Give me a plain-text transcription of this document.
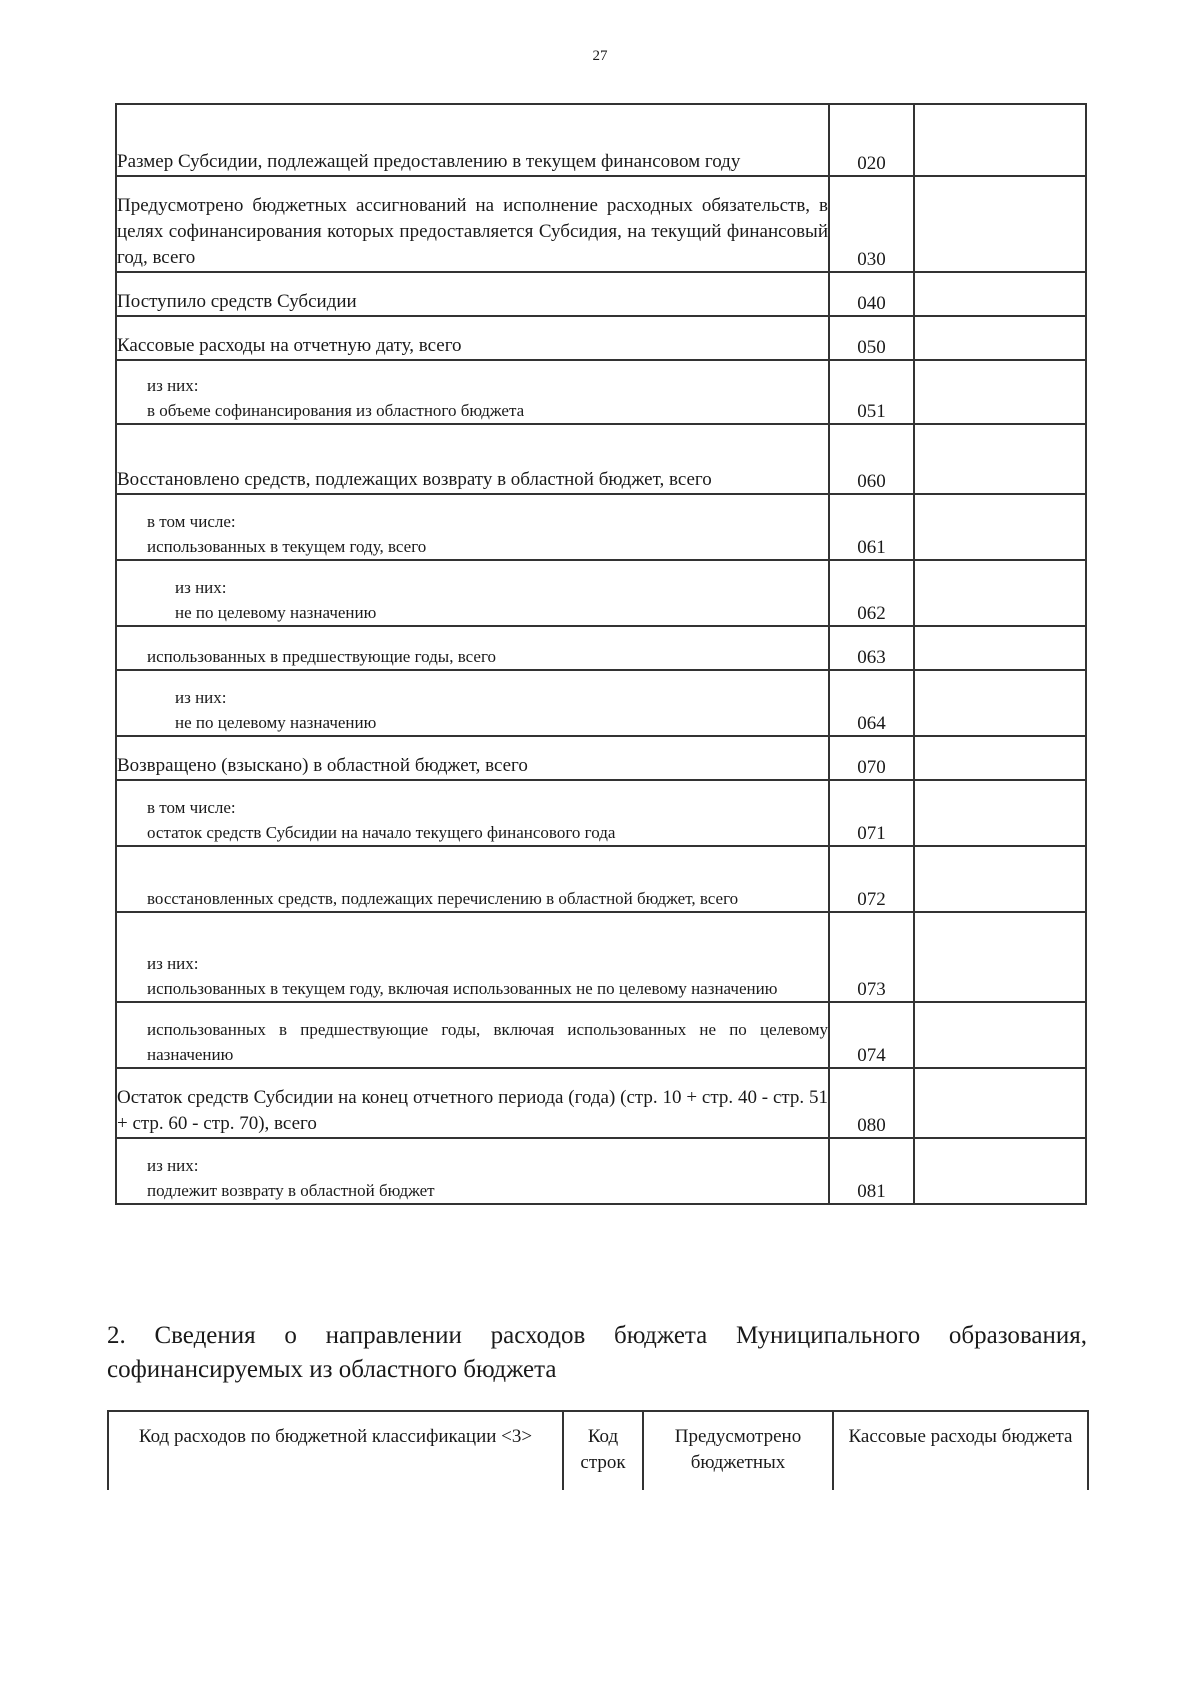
27
Размер Субсидии, подлежащей предоставлению в текущем финансовом году	020	

Предусмотрено бюджетных ассигнований на исполнение расходных обязательств, в целях софинансирования которых предоставляется Субсидия, на текущий финансовый год, всего	030	

Поступило средств Субсидии	040	

Кассовые расходы на отчетную дату, всего	050	

из них:
в объеме софинансирования из областного бюджета	051	

Восстановлено средств, подлежащих возврату в областной бюджет, всего	060	

в том числе:
использованных в текущем году, всего	061	

из них:
не по целевому назначению	062	

использованных в предшествующие годы, всего	063	

из них:
не по целевому назначению	064	

Возвращено (взыскано) в областной бюджет, всего	070	

в том числе:
остаток средств Субсидии на начало текущего финансового года	071	

восстановленных средств, подлежащих перечислению в областной бюджет, всего	072	

из них:
использованных в текущем году, включая использованных не по целевому назначению	073	

использованных в предшествующие годы, включая использованных не по целевому назначению	074	

Остаток средств Субсидии на конец отчетного периода (года) (стр. 10 + стр. 40 - стр. 51 + стр. 60 - стр. 70), всего	080	

из них:
подлежит возврату в областной бюджет	081	
2. Сведения о направлении расходов бюджета Муниципального образования, софинансируемых из областного бюджета
Код расходов по бюджетной классификации <3>	Код строк	Предусмотрено бюджетных	Кассовые расходы бюджета
